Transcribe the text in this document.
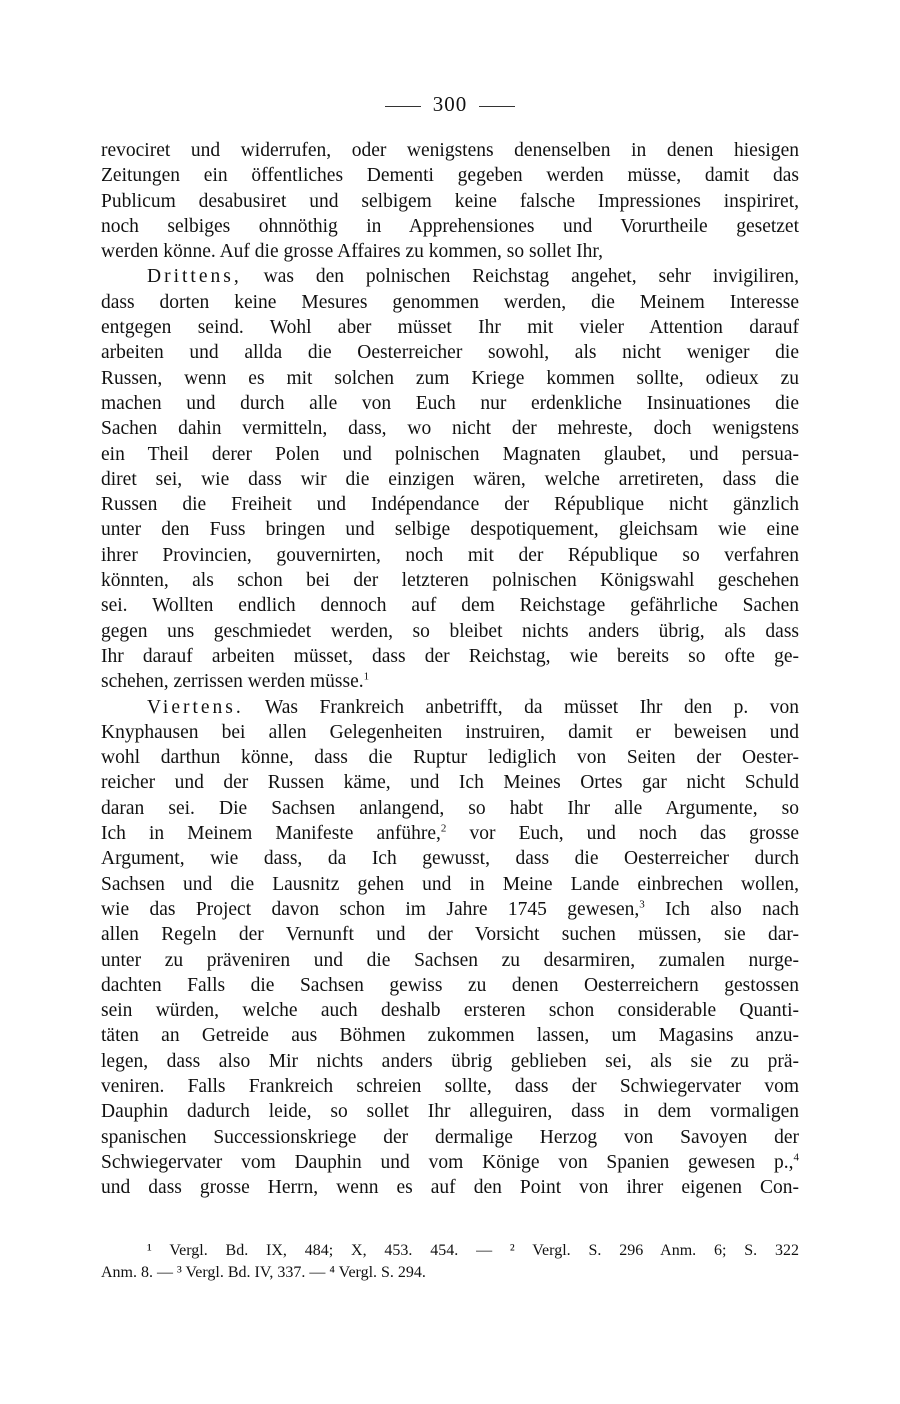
300
revociret und widerrufen, oder wenigstens denenselben in denen hiesigen
Zeitungen ein öffentliches Dementi gegeben werden müsse, damit das
Publicum desabusiret und selbigem keine falsche Impressiones inspiriret,
noch selbiges ohnnöthig in Apprehensiones und Vorurtheile gesetzet
werden könne. Auf die grosse Affaires zu kommen, so sollet Ihr,
Drittens, was den polnischen Reichstag angehet, sehr invigiliren,
dass dorten keine Mesures genommen werden, die Meinem Interesse
entgegen seind. Wohl aber müsset Ihr mit vieler Attention darauf
arbeiten und allda die Oesterreicher sowohl, als nicht weniger die
Russen, wenn es mit solchen zum Kriege kommen sollte, odieux zu
machen und durch alle von Euch nur erdenkliche Insinuationes die
Sachen dahin vermitteln, dass, wo nicht der mehreste, doch wenigstens
ein Theil derer Polen und polnischen Magnaten glaubet, und persua-
diret sei, wie dass wir die einzigen wären, welche arretireten, dass die
Russen die Freiheit und Indépendance der République nicht gänzlich
unter den Fuss bringen und selbige despotiquement, gleichsam wie eine
ihrer Provincien, gouvernirten, noch mit der République so verfahren
könnten, als schon bei der letzteren polnischen Königswahl geschehen
sei. Wollten endlich dennoch auf dem Reichstage gefährliche Sachen
gegen uns geschmiedet werden, so bleibet nichts anders übrig, als dass
Ihr darauf arbeiten müsset, dass der Reichstag, wie bereits so ofte ge-
schehen, zerrissen werden müsse.$^1$
Viertens. Was Frankreich anbetrifft, da müsset Ihr den p. von
Knyphausen bei allen Gelegenheiten instruiren, damit er beweisen und
wohl darthun könne, dass die Ruptur lediglich von Seiten der Oester-
reicher und der Russen käme, und Ich Meines Ortes gar nicht Schuld
daran sei. Die Sachsen anlangend, so habt Ihr alle Argumente, so
Ich in Meinem Manifeste anführe,$^2$ vor Euch, und noch das grosse
Argument, wie dass, da Ich gewusst, dass die Oesterreicher durch
Sachsen und die Lausnitz gehen und in Meine Lande einbrechen wollen,
wie das Project davon schon im Jahre 1745 gewesen,$^3$ Ich also nach
allen Regeln der Vernunft und der Vorsicht suchen müssen, sie dar-
unter zu präveniren und die Sachsen zu desarmiren, zumalen nurge-
dachten Falls die Sachsen gewiss zu denen Oesterreichern gestossen
sein würden, welche auch deshalb ersteren schon considerable Quanti-
täten an Getreide aus Böhmen zukommen lassen, um Magasins anzu-
legen, dass also Mir nichts anders übrig geblieben sei, als sie zu prä-
veniren. Falls Frankreich schreien sollte, dass der Schwiegervater vom
Dauphin dadurch leide, so sollet Ihr alleguiren, dass in dem vormaligen
spanischen Successionskriege der dermalige Herzog von Savoyen der
Schwiegervater vom Dauphin und vom Könige von Spanien gewesen p.,$^4$
und dass grosse Herrn, wenn es auf den Point von ihrer eigenen Con-
¹ Vergl. Bd. IX, 484; X, 453. 454. — ² Vergl. S. 296 Anm. 6; S. 322
Anm. 8. — ³ Vergl. Bd. IV, 337. — ⁴ Vergl. S. 294.
